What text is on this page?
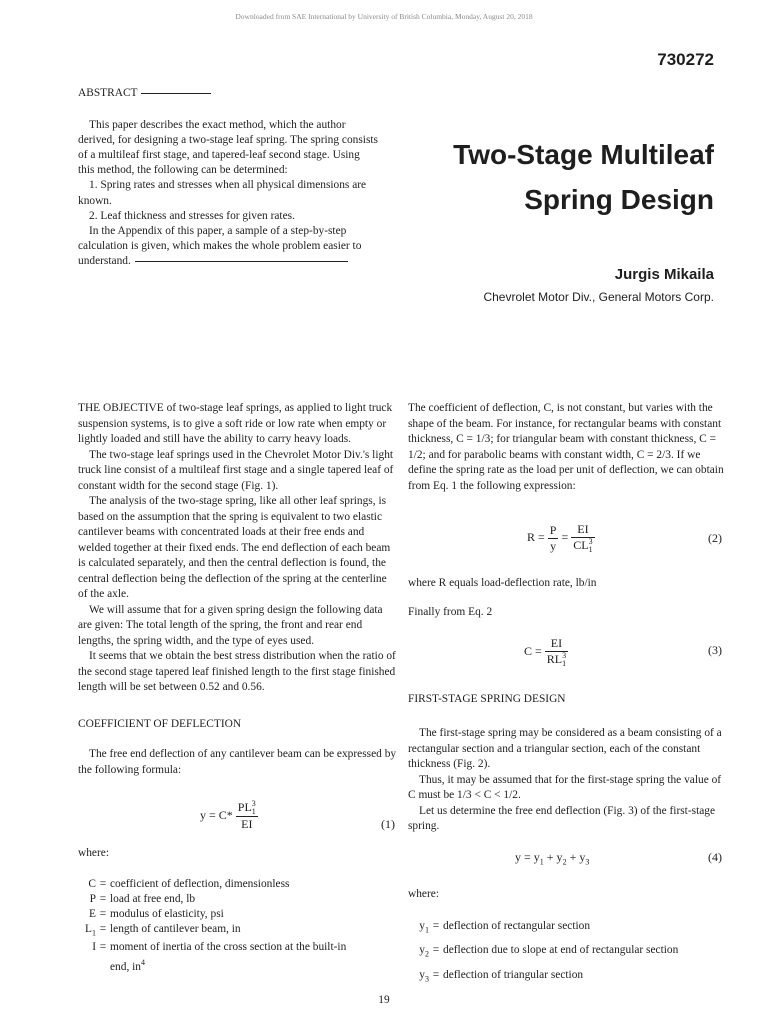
Downloaded from SAE International by University of British Columbia, Monday, August 20, 2018
730272
ABSTRACT

This paper describes the exact method, which the author derived, for designing a two-stage leaf spring. The spring consists of a multileaf first stage, and tapered-leaf second stage. Using this method, the following can be determined:

1. Spring rates and stresses when all physical dimensions are known.

2. Leaf thickness and stresses for given rates.

In the Appendix of this paper, a sample of a step-by-step calculation is given, which makes the whole problem easier to understand.

Two-Stage Multileaf
Spring Design
Jurgis Mikaila
Chevrolet Motor Div., General Motors Corp.

THE OBJECTIVE of two-stage leaf springs, as applied to light truck suspension systems, is to give a soft ride or low rate when empty or lightly loaded and still have the ability to carry heavy loads.

The two-stage leaf springs used in the Chevrolet Motor Div.'s light truck line consist of a multileaf first stage and a single tapered leaf of constant width for the second stage (Fig. 1).

The analysis of the two-stage spring, like all other leaf springs, is based on the assumption that the spring is equivalent to two elastic cantilever beams with concentrated loads at their free ends and welded together at their fixed ends. The end deflection of each beam is calculated separately, and then the central deflection is found, the central deflection being the deflection of the spring at the centerline of the axle.

We will assume that for a given spring design the following data are given: The total length of the spring, the front and rear end lengths, the spring width, and the type of eyes used.

It seems that we obtain the best stress distribution when the ratio of the second stage tapered leaf finished length to the first stage finished length will be set between 0.52 and 0.56.

COEFFICIENT OF DEFLECTION

The free end deflection of any cantilever beam can be expressed by the following formula:

y = C*
PL3
1
EI	(1)
where:
C = coefficient of deflection, dimensionless
P = load at free end, lb
E = modulus of elasticity, psi
$L_1$ = length of cantilever beam, in
I = moment of inertia of the cross section at the built-in end, $in^4$

The coefficient of deflection, C, is not constant, but varies with the shape of the beam. For instance, for rectangular beams with constant thickness, C = 1/3; for triangular beam with constant thickness, C = 1/2; and for parabolic beams with constant width, C = 2/3. If we define the spring rate as the load per unit of deflection, we can obtain from Eq. 1 the following expression:

$R = \frac{P}{y}$ =
EI
CL3
1
(2)
where R equals load-deflection rate, lb/in
Finally from Eq. 2
C =
EI
RL3
1
(3)
FIRST-STAGE SPRING DESIGN

The first-stage spring may be considered as a beam consisting of a rectangular section and a triangular section, each of the constant thickness (Fig. 2).

Thus, it may be assumed that for the first-stage spring the value of C must be 1/3 < C < 1/2.

Let us determine the free end deflection (Fig. 3) of the first-stage spring.

$y = y_1 + y_2 + y_3$	(4)
where:
$y_1$ = deflection of rectangular section
$y_2$ = deflection due to slope at end of rectangular section
$y_3$ = deflection of triangular section
19
